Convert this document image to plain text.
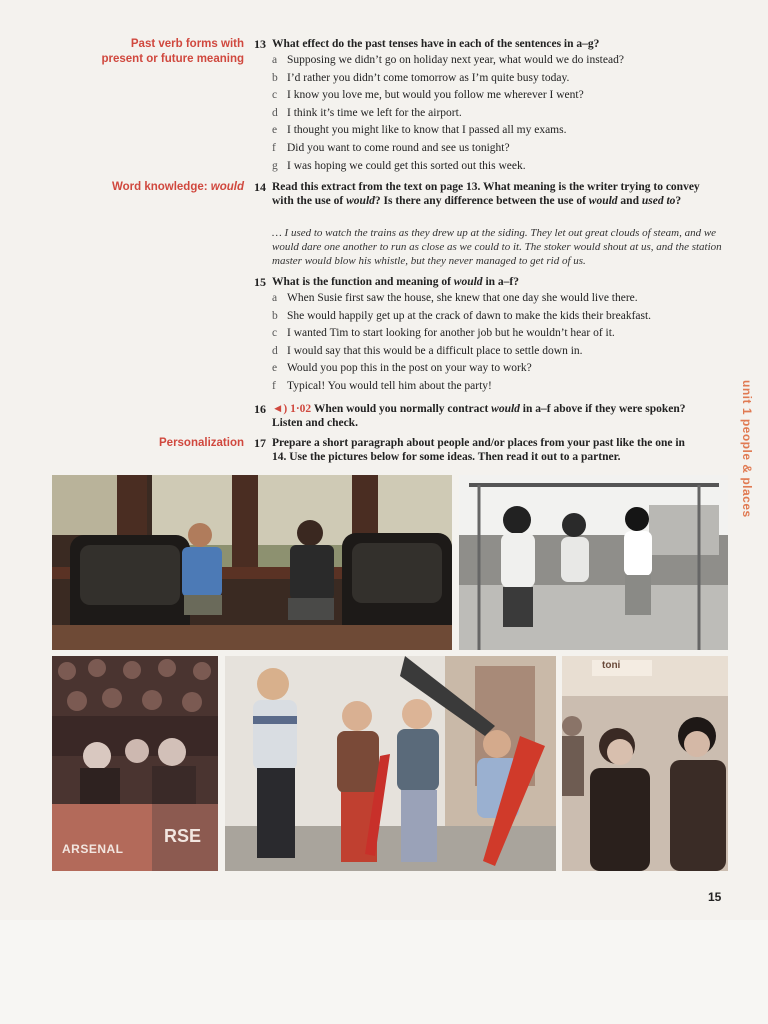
Past verb forms with
present or future meaning
Word knowledge: would
Personalization
13 What effect do the past tenses have in each of the sentences in a–g?
a Supposing we didn’t go on holiday next year, what would we do instead?
b I’d rather you didn’t come tomorrow as I’m quite busy today.
c I know you love me, but would you follow me wherever I went?
d I think it’s time we left for the airport.
e I thought you might like to know that I passed all my exams.
f Did you want to come round and see us tonight?
g I was hoping we could get this sorted out this week.
14 Read this extract from the text on page 13. What meaning is the writer trying to convey with the use of would? Is there any difference between the use of would and used to?
… I used to watch the trains as they drew up at the siding. They let out great clouds of steam, and we would dare one another to run as close as we could to it. The stoker would shout at us, and the station master would blow his whistle, but they never managed to get rid of us.
15 What is the function and meaning of would in a–f?
a When Susie first saw the house, she knew that one day she would live there.
b She would happily get up at the crack of dawn to make the kids their breakfast.
c I wanted Tim to start looking for another job but he wouldn’t hear of it.
d I would say that this would be a difficult place to settle down in.
e Would you pop this in the post on your way to work?
f Typical! You would tell him about the party!
16 ◄) 1·02 When would you normally contract would in a–f above if they were spoken? Listen and check.
17 Prepare a short paragraph about people and/or places from your past like the one in 14. Use the pictures below for some ideas. Then read it out to a partner.
ARSENAL
RSE
toni
unit 1 people & places
15
